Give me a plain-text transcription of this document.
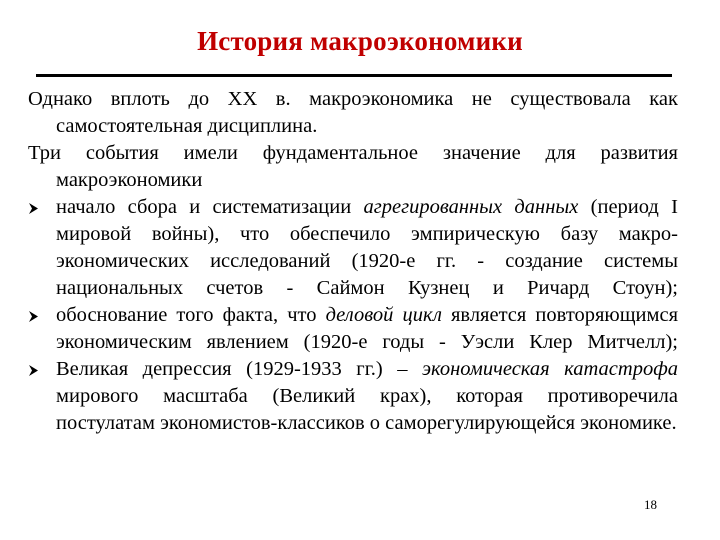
История макроэкономики

Однако вплоть до XX в. макроэкономика не существовала как самостоятельная дисциплина.

Три события имели фундаментальное значение для развития макроэкономики

начало сбора и систематизации агрегированных данных (период I мировой войны), что обеспечило эмпирическую базу макро-экономических исследований (1920-е гг. - создание системы национальных счетов - Саймон Кузнец и Ричард Стоун);

обоснование того факта, что деловой цикл является повторяющимся экономическим явлением (1920-е годы - Уэсли Клер Митчелл);

Великая депрессия (1929-1933 гг.) – экономическая катастрофа мирового масштаба (Великий крах), которая противоречила постулатам экономистов-классиков о саморегулирующейся экономике.

18
